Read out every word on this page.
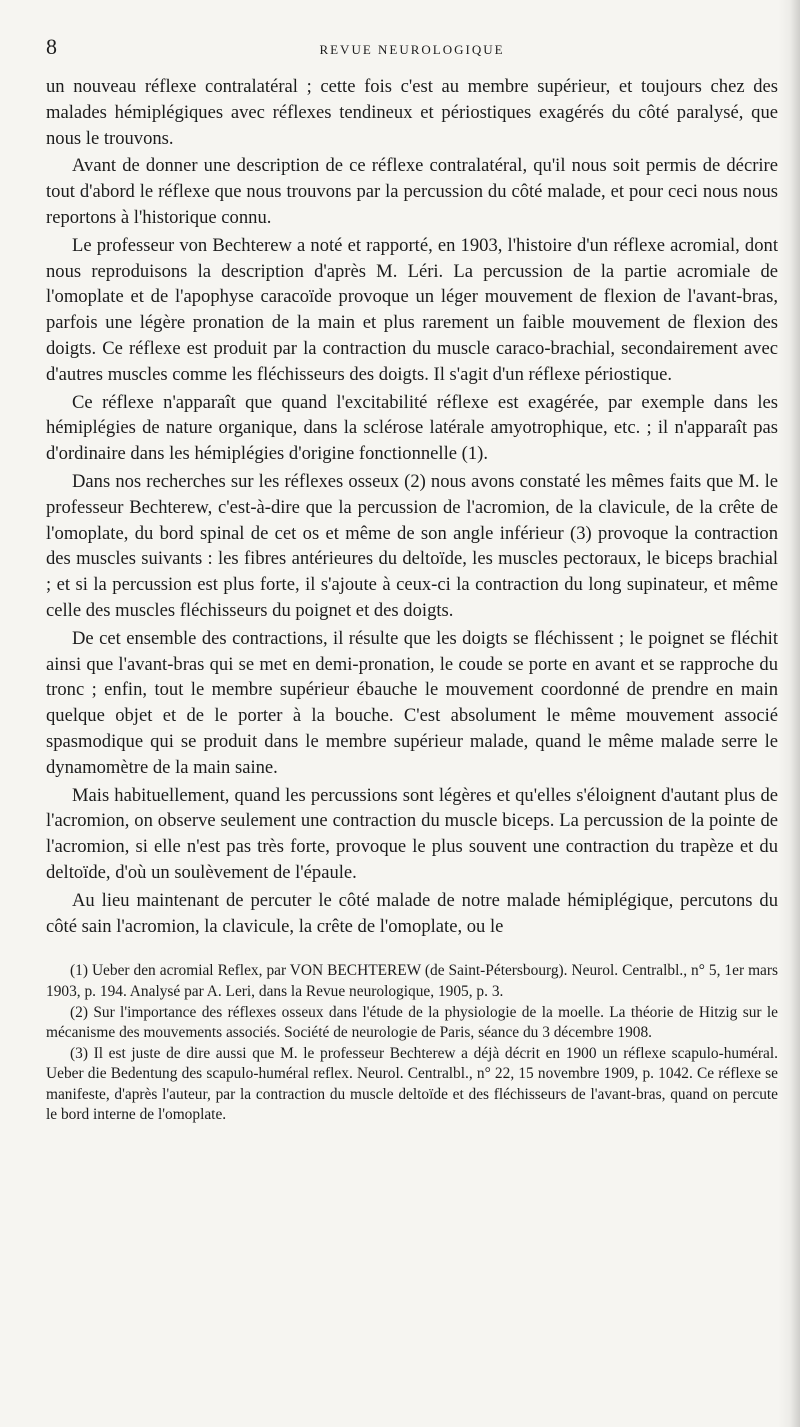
8	REVUE NEUROLOGIQUE

un nouveau réflexe contralatéral ; cette fois c'est au membre supérieur, et toujours chez des malades hémiplégiques avec réflexes tendineux et périostiques exagérés du côté paralysé, que nous le trouvons.

Avant de donner une description de ce réflexe contralatéral, qu'il nous soit permis de décrire tout d'abord le réflexe que nous trouvons par la percussion du côté malade, et pour ceci nous nous reportons à l'historique connu.

Le professeur von Bechterew a noté et rapporté, en 1903, l'histoire d'un réflexe acromial, dont nous reproduisons la description d'après M. Léri. La percussion de la partie acromiale de l'omoplate et de l'apophyse caracoïde provoque un léger mouvement de flexion de l'avant-bras, parfois une légère pronation de la main et plus rarement un faible mouvement de flexion des doigts. Ce réflexe est produit par la contraction du muscle caraco-brachial, secondairement avec d'autres muscles comme les fléchisseurs des doigts. Il s'agit d'un réflexe périostique.

Ce réflexe n'apparaît que quand l'excitabilité réflexe est exagérée, par exemple dans les hémiplégies de nature organique, dans la sclérose latérale amyotrophique, etc. ; il n'apparaît pas d'ordinaire dans les hémiplégies d'origine fonctionnelle (1).

Dans nos recherches sur les réflexes osseux (2) nous avons constaté les mêmes faits que M. le professeur Bechterew, c'est-à-dire que la percussion de l'acromion, de la clavicule, de la crête de l'omoplate, du bord spinal de cet os et même de son angle inférieur (3) provoque la contraction des muscles suivants : les fibres antérieures du deltoïde, les muscles pectoraux, le biceps brachial ; et si la percussion est plus forte, il s'ajoute à ceux-ci la contraction du long supinateur, et même celle des muscles fléchisseurs du poignet et des doigts.

De cet ensemble des contractions, il résulte que les doigts se fléchissent ; le poignet se fléchit ainsi que l'avant-bras qui se met en demi-pronation, le coude se porte en avant et se rapproche du tronc ; enfin, tout le membre supérieur ébauche le mouvement coordonné de prendre en main quelque objet et de le porter à la bouche. C'est absolument le même mouvement associé spasmodique qui se produit dans le membre supérieur malade, quand le même malade serre le dynamomètre de la main saine.

Mais habituellement, quand les percussions sont légères et qu'elles s'éloignent d'autant plus de l'acromion, on observe seulement une contraction du muscle biceps. La percussion de la pointe de l'acromion, si elle n'est pas très forte, provoque le plus souvent une contraction du trapèze et du deltoïde, d'où un soulèvement de l'épaule.

Au lieu maintenant de percuter le côté malade de notre malade hémiplégique, percutons du côté sain l'acromion, la clavicule, la crête de l'omoplate, ou le

(1) Ueber den acromial Reflex, par VON BECHTEREW (de Saint-Pétersbourg). Neurol. Centralbl., n° 5, 1er mars 1903, p. 194. Analysé par A. Leri, dans la Revue neurologique, 1905, p. 3.

(2) Sur l'importance des réflexes osseux dans l'étude de la physiologie de la moelle. La théorie de Hitzig sur le mécanisme des mouvements associés. Société de neurologie de Paris, séance du 3 décembre 1908.

(3) Il est juste de dire aussi que M. le professeur Bechterew a déjà décrit en 1900 un réflexe scapulo-huméral. Ueber die Bedentung des scapulo-huméral reflex. Neurol. Centralbl., n° 22, 15 novembre 1909, p. 1042. Ce réflexe se manifeste, d'après l'auteur, par la contraction du muscle deltoïde et des fléchisseurs de l'avant-bras, quand on percute le bord interne de l'omoplate.
